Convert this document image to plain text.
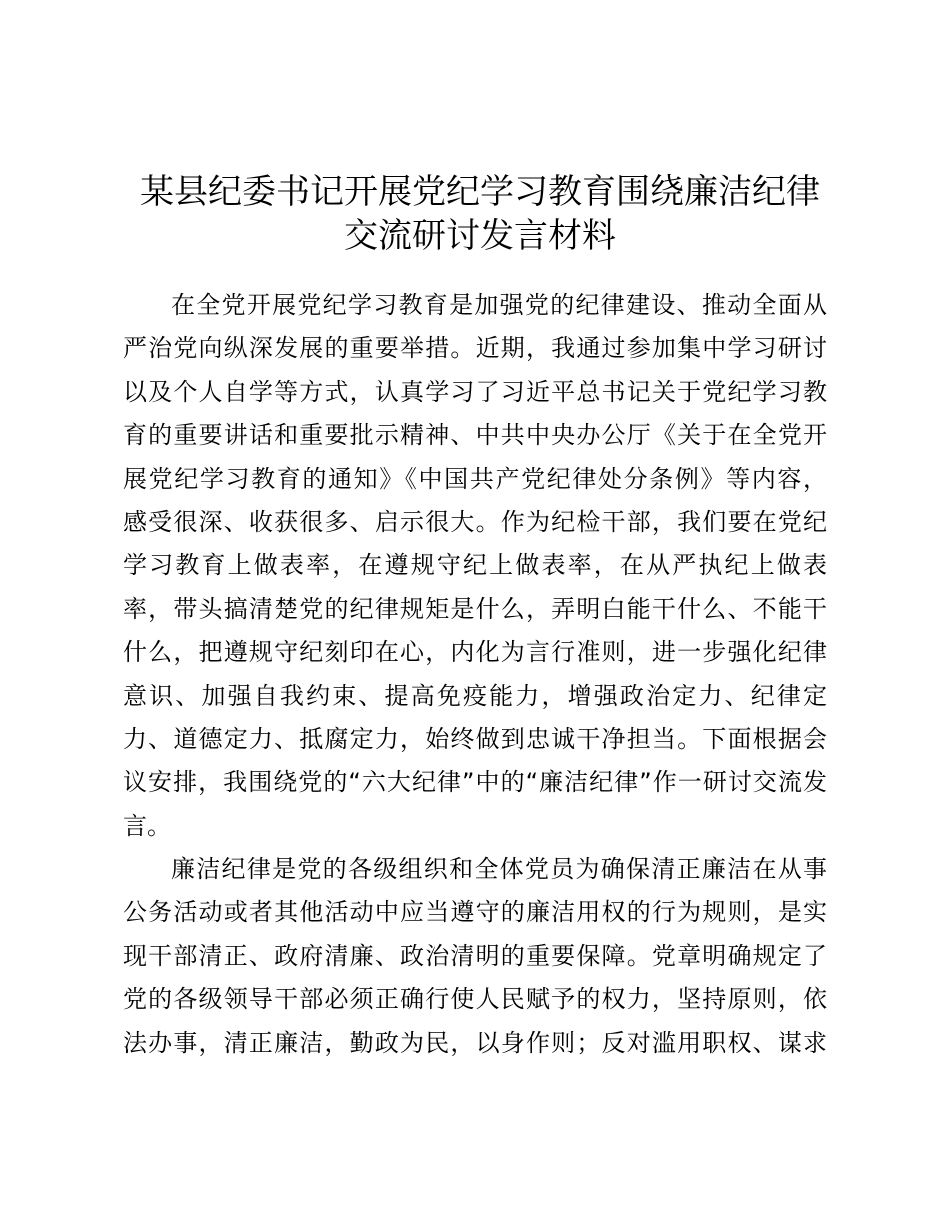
某县纪委书记开展党纪学习教育围绕廉洁纪律
交流研讨发言材料
在全党开展党纪学习教育是加强党的纪律建设、推动全面从
严治党向纵深发展的重要举措。近期，我通过参加集中学习研讨
以及个人自学等方式，认真学习了习近平总书记关于党纪学习教
育的重要讲话和重要批示精神、中共中央办公厅《关于在全党开
展党纪学习教育的通知》《中国共产党纪律处分条例》等内容，
感受很深、收获很多、启示很大。作为纪检干部，我们要在党纪
学习教育上做表率，在遵规守纪上做表率，在从严执纪上做表
率，带头搞清楚党的纪律规矩是什么，弄明白能干什么、不能干
什么，把遵规守纪刻印在心，内化为言行准则，进一步强化纪律
意识、加强自我约束、提高免疫能力，增强政治定力、纪律定
力、道德定力、抵腐定力，始终做到忠诚干净担当。下面根据会
议安排，我围绕党的“六大纪律”中的“廉洁纪律”作一研讨交流发
言。
廉洁纪律是党的各级组织和全体党员为确保清正廉洁在从事
公务活动或者其他活动中应当遵守的廉洁用权的行为规则，是实
现干部清正、政府清廉、政治清明的重要保障。党章明确规定了
党的各级领导干部必须正确行使人民赋予的权力，坚持原则，依
法办事，清正廉洁，勤政为民，以身作则；反对滥用职权、谋求
